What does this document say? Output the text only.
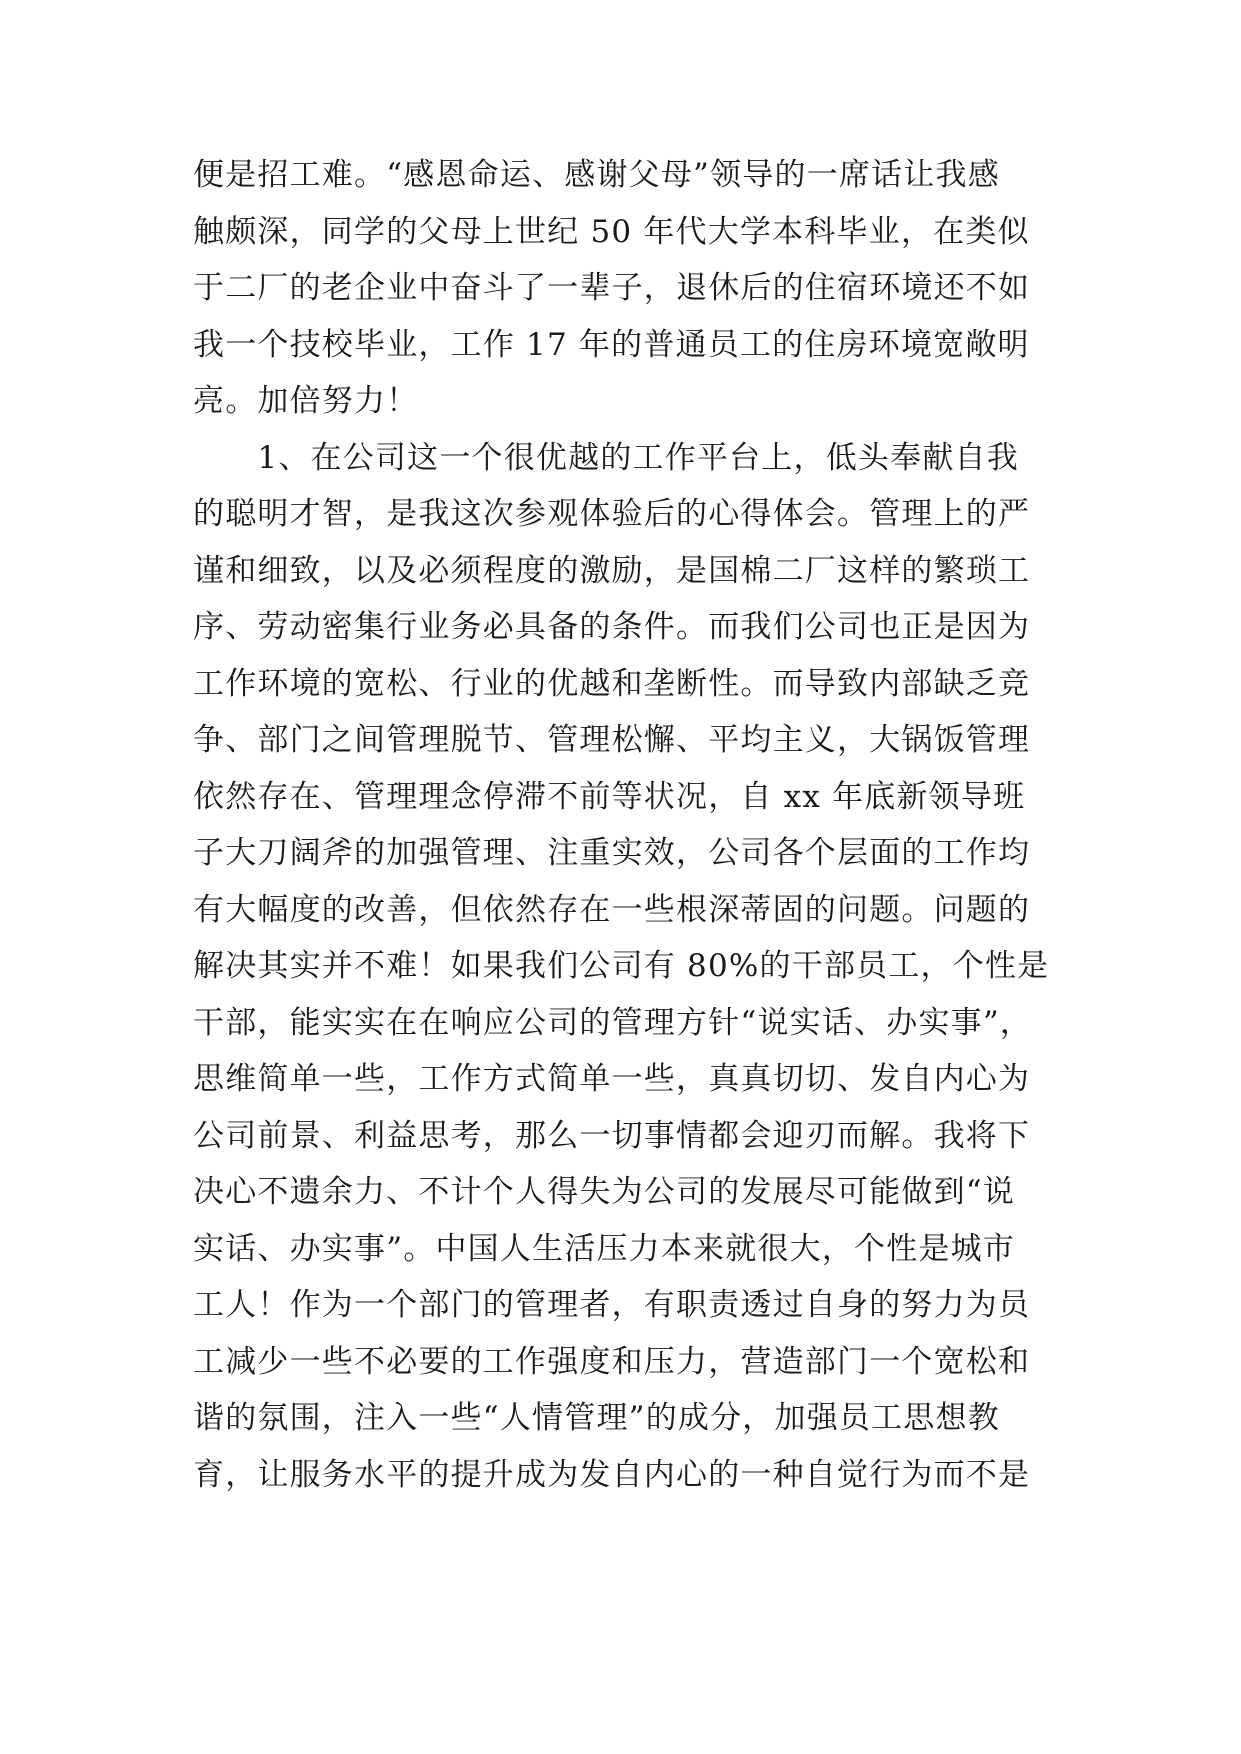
便是招工难。“感恩命运、感谢父母”领导的一席话让我感
触颇深，同学的父母上世纪 50 年代大学本科毕业，在类似
于二厂的老企业中奋斗了一辈子，退休后的住宿环境还不如
我一个技校毕业，工作 17 年的普通员工的住房环境宽敞明
亮。加倍努力！
　　1、在公司这一个很优越的工作平台上，低头奉献自我
的聪明才智，是我这次参观体验后的心得体会。管理上的严
谨和细致，以及必须程度的激励，是国棉二厂这样的繁琐工
序、劳动密集行业务必具备的条件。而我们公司也正是因为
工作环境的宽松、行业的优越和垄断性。而导致内部缺乏竞
争、部门之间管理脱节、管理松懈、平均主义，大锅饭管理
依然存在、管理理念停滞不前等状况，自 xx 年底新领导班
子大刀阔斧的加强管理、注重实效，公司各个层面的工作均
有大幅度的改善，但依然存在一些根深蒂固的问题。问题的
解决其实并不难！如果我们公司有 80%的干部员工，个性是
干部，能实实在在响应公司的管理方针“说实话、办实事”，
思维简单一些，工作方式简单一些，真真切切、发自内心为
公司前景、利益思考，那么一切事情都会迎刃而解。我将下
决心不遗余力、不计个人得失为公司的发展尽可能做到“说
实话、办实事”。中国人生活压力本来就很大，个性是城市
工人！作为一个部门的管理者，有职责透过自身的努力为员
工减少一些不必要的工作强度和压力，营造部门一个宽松和
谐的氛围，注入一些“人情管理”的成分，加强员工思想教
育，让服务水平的提升成为发自内心的一种自觉行为而不是
